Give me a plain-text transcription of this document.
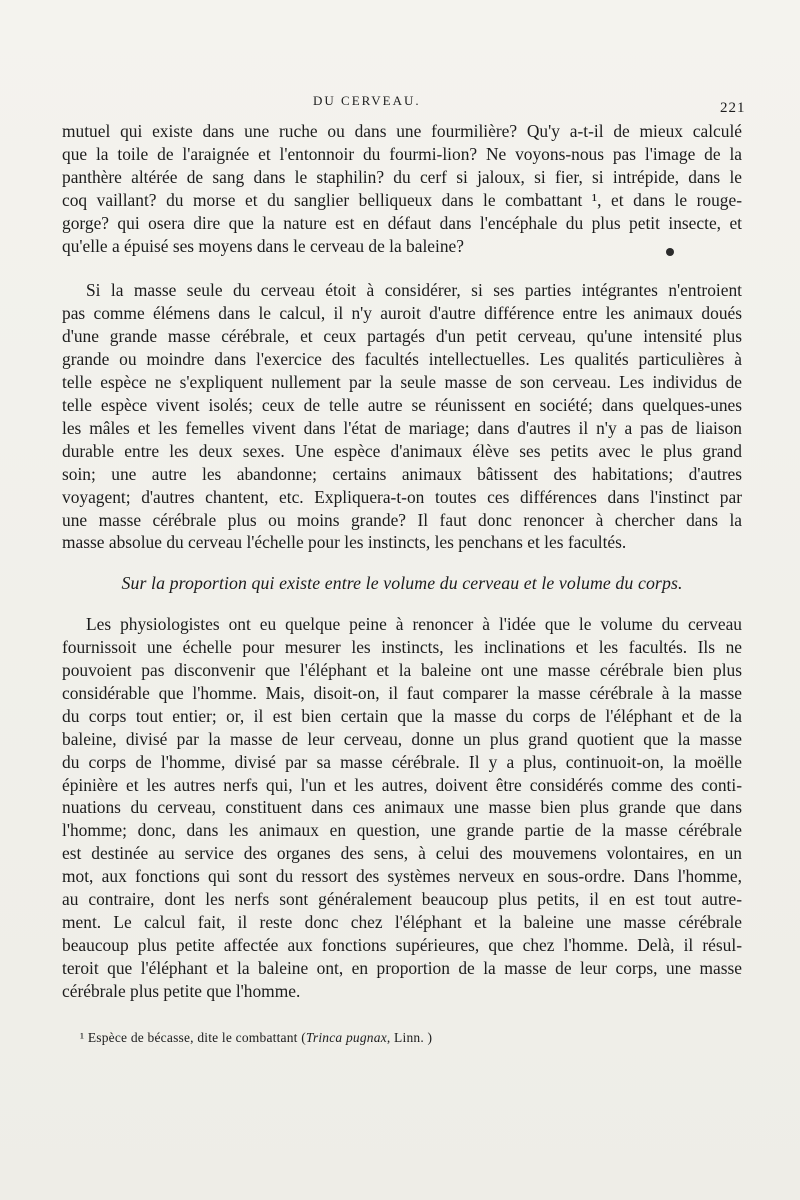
DU CERVEAU.	221
mutuel qui existe dans une ruche ou dans une fourmilière? Qu'y a-t-il de mieux calculé
que la toile de l'araignée et l'entonnoir du fourmi-lion? Ne voyons-nous pas l'image de la
panthère altérée de sang dans le staphilin? du cerf si jaloux, si fier, si intrépide, dans le
coq vaillant? du morse et du sanglier belliqueux dans le combattant ¹, et dans le rouge-
gorge? qui osera dire que la nature est en défaut dans l'encéphale du plus petit insecte, et
qu'elle a épuisé ses moyens dans le cerveau de la baleine?
Si la masse seule du cerveau étoit à considérer, si ses parties intégrantes n'entroient
pas comme élémens dans le calcul, il n'y auroit d'autre différence entre les animaux doués
d'une grande masse cérébrale, et ceux partagés d'un petit cerveau, qu'une intensité plus
grande ou moindre dans l'exercice des facultés intellectuelles. Les qualités particulières à
telle espèce ne s'expliquent nullement par la seule masse de son cerveau. Les individus de
telle espèce vivent isolés; ceux de telle autre se réunissent en société; dans quelques-unes
les mâles et les femelles vivent dans l'état de mariage; dans d'autres il n'y a pas de liaison
durable entre les deux sexes. Une espèce d'animaux élève ses petits avec le plus grand
soin; une autre les abandonne; certains animaux bâtissent des habitations; d'autres
voyagent; d'autres chantent, etc. Expliquera-t-on toutes ces différences dans l'instinct par
une masse cérébrale plus ou moins grande? Il faut donc renoncer à chercher dans la
masse absolue du cerveau l'échelle pour les instincts, les penchans et les facultés.
Sur la proportion qui existe entre le volume du cerveau et le volume du corps.
Les physiologistes ont eu quelque peine à renoncer à l'idée que le volume du cerveau
fournissoit une échelle pour mesurer les instincts, les inclinations et les facultés. Ils ne
pouvoient pas disconvenir que l'éléphant et la baleine ont une masse cérébrale bien plus
considérable que l'homme. Mais, disoit-on, il faut comparer la masse cérébrale à la masse
du corps tout entier; or, il est bien certain que la masse du corps de l'éléphant et de la
baleine, divisé par la masse de leur cerveau, donne un plus grand quotient que la masse
du corps de l'homme, divisé par sa masse cérébrale. Il y a plus, continuoit-on, la moëlle
épinière et les autres nerfs qui, l'un et les autres, doivent être considérés comme des conti-
nuations du cerveau, constituent dans ces animaux une masse bien plus grande que dans
l'homme; donc, dans les animaux en question, une grande partie de la masse cérébrale
est destinée au service des organes des sens, à celui des mouvemens volontaires, en un
mot, aux fonctions qui sont du ressort des systèmes nerveux en sous-ordre. Dans l'homme,
au contraire, dont les nerfs sont généralement beaucoup plus petits, il en est tout autre-
ment. Le calcul fait, il reste donc chez l'éléphant et la baleine une masse cérébrale
beaucoup plus petite affectée aux fonctions supérieures, que chez l'homme. Delà, il résul-
teroit que l'éléphant et la baleine ont, en proportion de la masse de leur corps, une masse
cérébrale plus petite que l'homme.
¹ Espèce de bécasse, dite le combattant (Trinca pugnax, Linn. )
